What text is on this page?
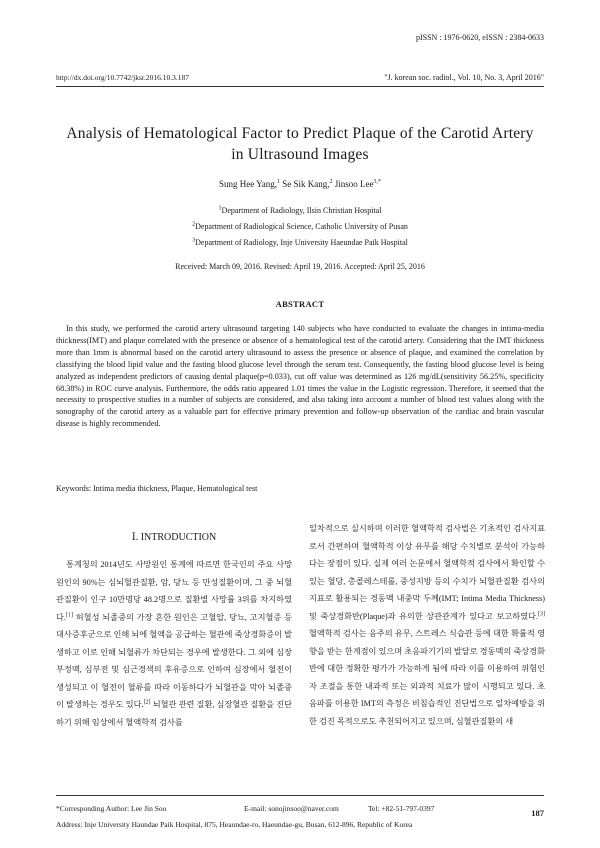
pISSN : 1976-0620, eISSN : 2384-0633
http://dx.doi.org/10.7742/jksr.2016.10.3.187	"J. korean soc. radiol., Vol. 10, No. 3, April 2016"
Analysis of Hematological Factor to Predict Plaque of the Carotid Artery
in Ultrasound Images
Sung Hee Yang,$^1$ Se Sik Kang,$^2$ Jinsoo Lee$^{3,*}$
$^1$Department of Radiology, Ilsin Christian Hospital
$^2$Department of Radiological Science, Catholic University of Pusan
$^3$Department of Radiology, Inje University Haeundae Paik Hospital
Received: March 09, 2016. Revised: April 19, 2016. Accepted: April 25, 2016
ABSTRACT

In this study, we performed the carotid artery ultrasound targeting 140 subjects who have conducted to evaluate the changes in intima-media thickness(IMT) and plaque correlated with the presence or absence of a hematological test of the carotid artery. Considering that the IMT thickness more than 1mm is abnormal based on the carotid artery ultrasound to assess the presence or absence of plaque, and examined the correlation by classifying the blood lipid value and the fasting blood glucose level through the serum test. Consequently, the fasting blood glucose level is being analyzed as independent predictors of causing dental plaque(p=0.033), cut off value was determined as 126 mg/dL(sensitivity 56.25%, specificity 68.38%) in ROC curve analysis. Furthermore, the odds ratio appeared 1.01 times the value in the Logistic regression. Therefore, it seemed that the necessity to prospective studies in a number of subjects are considered, and also taking into account a number of blood test values along with the sonography of the carotid artery as a valuable part for effective primary prevention and follow-up observation of the cardiac and brain vascular disease is highly recommended.

Keywords: Intima media thickness, Plaque, Hematological test
Ⅰ. INTRODUCTION

통계청의 2014년도 사망원인 통계에 따르면 한국인의 주요 사망 원인의 90%는 심뇌혈관질환, 암, 당뇨 등 만성질환이며, 그 중 뇌혈관질환이 인구 10만명당 48.2명으로 질환별 사망률 3위를 차지하였다.[1] 허혈성 뇌졸중의 가장 흔한 원인은 고혈압, 당뇨, 고지혈증 등 대사증후군으로 인해 뇌에 혈액을 공급하는 혈관에 죽상경화증이 발생하고 이로 인해 뇌혈류가 차단되는 경우에 발생한다. 그 외에 심장부정맥, 심부전 및 심근경색의 후유증으로 인하여 심장에서 혈전이 생성되고 이 혈전이 혈류를 따라 이동하다가 뇌혈관을 막아 뇌졸중이 발생하는 경우도 있다.[2] 뇌혈관 관련 질환, 심장혈관 질환을 진단하기 위해 임상에서 혈액학적 검사를

일차적으로 실시하며 이러한 혈액학적 검사법은 기초적인 검사지표로서 간편하며 혈액학적 이상 유무를 해당 수치별로 분석이 가능하다는 장점이 있다. 실제 여러 논문에서 혈액학적 검사에서 확인할 수 있는 혈당, 총콜레스테롤, 중성지방 등의 수치가 뇌혈관질환 검사의 지표로 활용되는 경동맥 내중막 두께(IMT; Intima Media Thickness) 및 죽상경화반(Plaque)과 유의한 상관관계가 있다고 보고하였다.[3] 혈액학적 검사는 음주의 유무, 스트레스 식습관 등에 대한 확률적 영향을 받는 한계점이 있으며 초음파기기의 발달로 경동맥의 죽상경화반에 대한 정확한 평가가 가능하게 됨에 따라 이를 이용하여 위험인자 조절을 통한 내과적 또는 외과적 치료가 많이 시행되고 있다. 초음파를 이용한 IMT의 측정은 비침습적인 진단법으로 일차예방을 위한 검진 목적으로도 추천되어지고 있으며, 심혈관질환의 새

*Corresponding Author: Lee Jin Soo	E-mail: sonojinsoo@naver.com	Tel: +82-51-797-0397	187
Address: Inje University Haundae Paik Hospital, 875, Heaundae-ro, Haeundae-gu, Busan, 612-896, Republic of Korea
